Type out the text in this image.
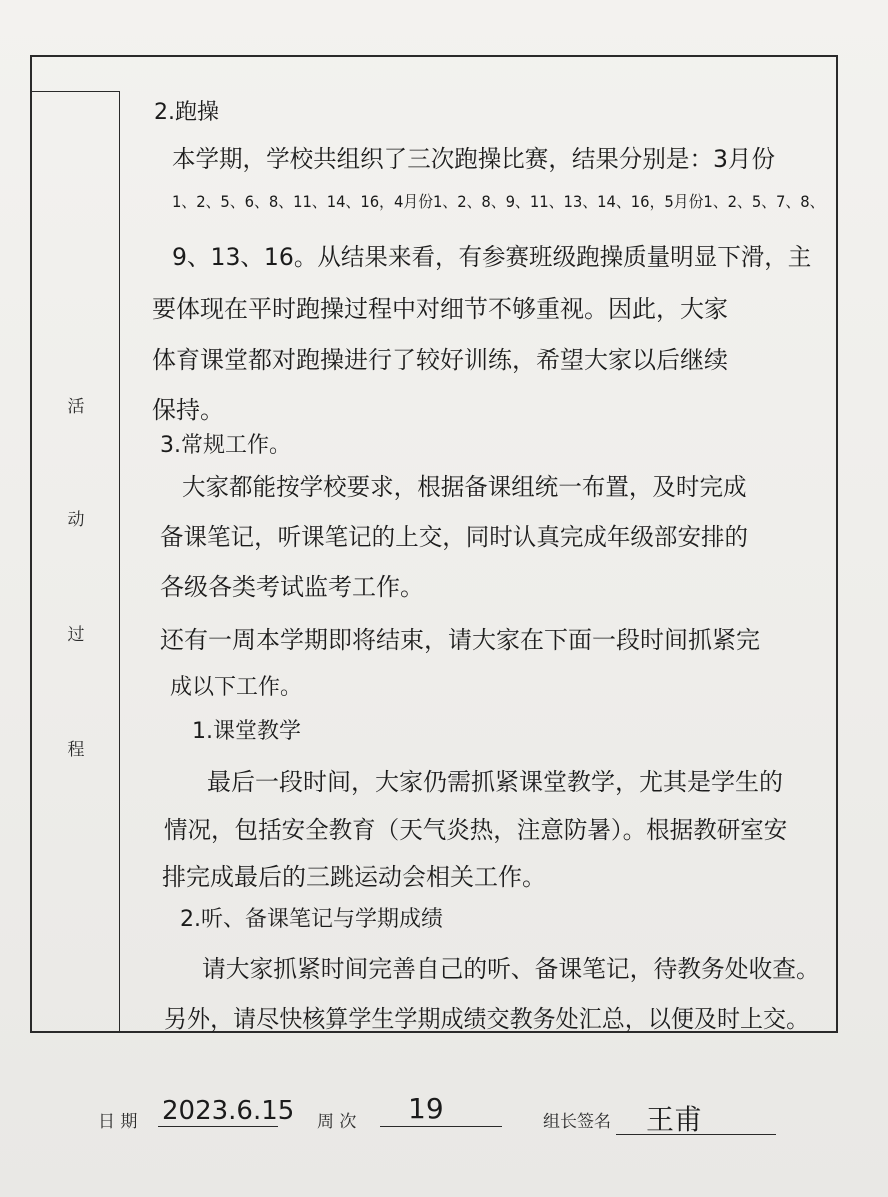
活
动
过
程
2.跑操
本学期，学校共组织了三次跑操比赛，结果分别是：3月份
1、2、5、6、8、11、14、16，4月份1、2、8、9、11、13、14、16，5月份1、2、5、7、8、
9、13、16。从结果来看，有参赛班级跑操质量明显下滑，主
要体现在平时跑操过程中对细节不够重视。因此，大家
体育课堂都对跑操进行了较好训练，希望大家以后继续
保持。
3.常规工作。
大家都能按学校要求，根据备课组统一布置，及时完成
备课笔记，听课笔记的上交，同时认真完成年级部安排的
各级各类考试监考工作。
还有一周本学期即将结束，请大家在下面一段时间抓紧完
成以下工作。
1.课堂教学
最后一段时间，大家仍需抓紧课堂教学，尤其是学生的
情况，包括安全教育（天气炎热，注意防暑）。根据教研室安
排完成最后的三跳运动会相关工作。
2.听、备课笔记与学期成绩
请大家抓紧时间完善自己的听、备课笔记，待教务处收查。
另外，请尽快核算学生学期成绩交教务处汇总，以便及时上交。
日 期 2023.6.15 周 次 19	组长签名 王甫
